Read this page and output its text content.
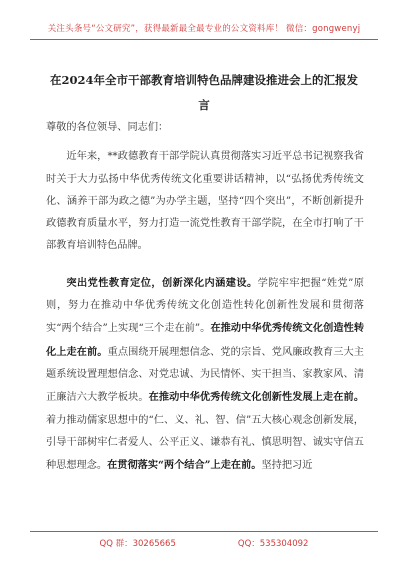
关注头条号“公文研究”，获得最新最全最专业的公文资料库！ 微信：gongwenyj
在2024年全市干部教育培训特色品牌建设推进会上的汇报发言

尊敬的各位领导、同志们：

近年来，**政德教育干部学院认真贯彻落实习近平总书记视察我省时关于大力弘扬中华优秀传统文化重要讲话精神，以“弘扬优秀传统文化、涵养干部为政之德”为办学主题，坚持“四个突出”，不断创新提升政德教育质量水平，努力打造一流党性教育干部学院，在全市打响了干部教育培训特色品牌。

突出党性教育定位，创新深化内涵建设。学院牢牢把握“姓党”原则，努力在推动中华优秀传统文化创造性转化创新性发展和贯彻落实“两个结合”上实现“三个走在前”。在推动中华优秀传统文化创造性转化上走在前。重点围绕开展理想信念、党的宗旨、党风廉政教育三大主题系统设置理想信念、对党忠诚、为民情怀、实干担当、家教家风、清正廉洁六大教学板块。在推动中华优秀传统文化创新性发展上走在前。着力推动儒家思想中的“仁、义、礼、智、信”五大核心观念创新发展，引导干部树牢仁者爱人、公平正义、谦恭有礼、慎思明智、诚实守信五种思想理念。在贯彻落实“两个结合”上走在前。坚持把习近

QQ 群：30265665	QQ：535304092
